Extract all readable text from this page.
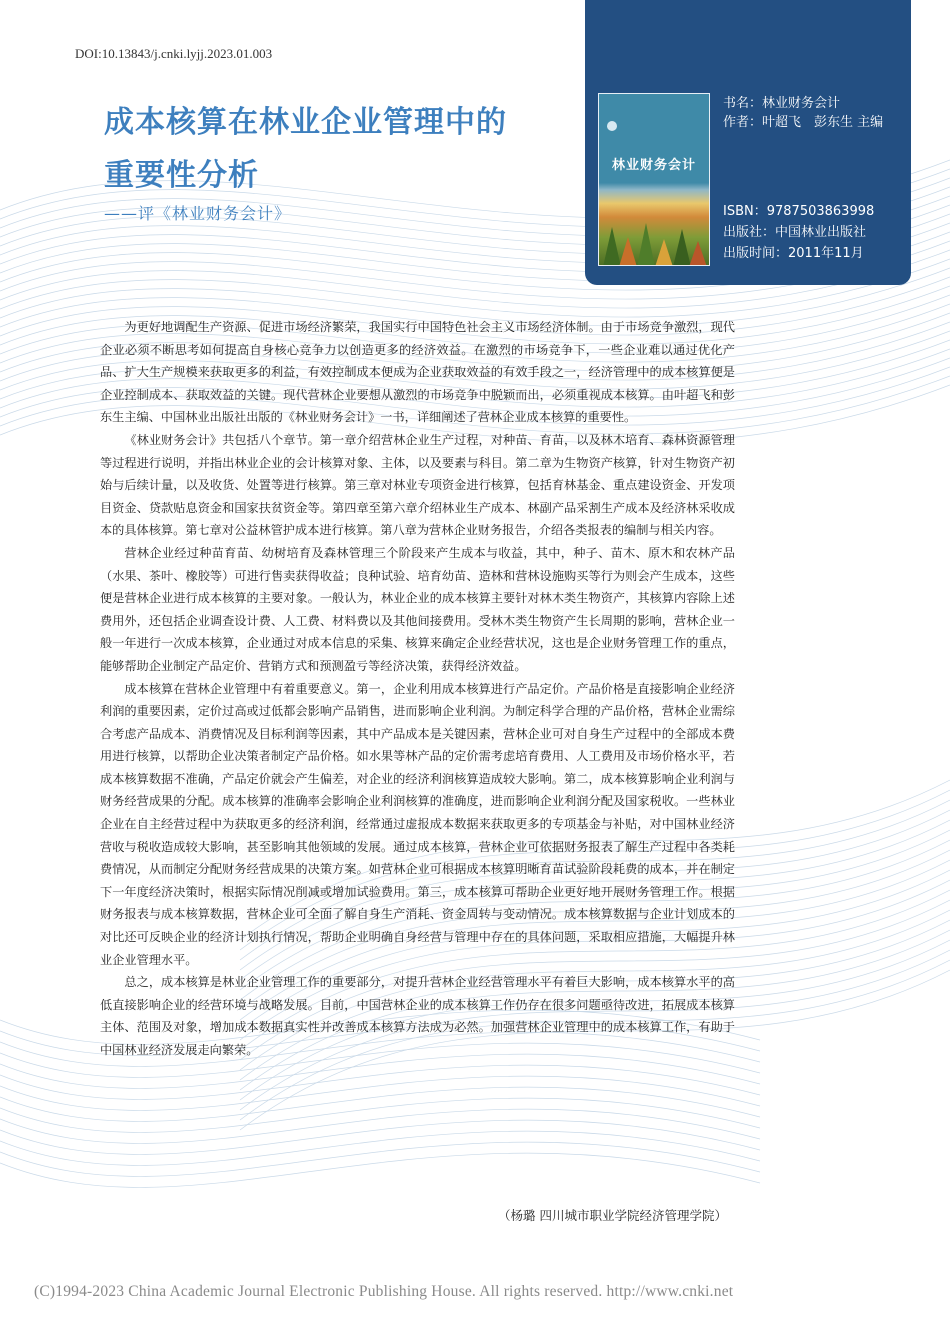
DOI:10.13843/j.cnki.lyjj.2023.01.003
成本核算在林业企业管理中的重要性分析
——评《林业财务会计》
林业财务会计
书名：林业财务会计
作者：叶超飞　彭东生 主编
ISBN：9787503863998
出版社：中国林业出版社
出版时间：2011年11月

为更好地调配生产资源、促进市场经济繁荣，我国实行中国特色社会主义市场经济体制。由于市场竞争激烈，现代企业必须不断思考如何提高自身核心竞争力以创造更多的经济效益。在激烈的市场竞争下，一些企业难以通过优化产品、扩大生产规模来获取更多的利益，有效控制成本便成为企业获取效益的有效手段之一，经济管理中的成本核算便是企业控制成本、获取效益的关键。现代营林企业要想从激烈的市场竞争中脱颖而出，必须重视成本核算。由叶超飞和彭东生主编、中国林业出版社出版的《林业财务会计》一书，详细阐述了营林企业成本核算的重要性。

《林业财务会计》共包括八个章节。第一章介绍营林企业生产过程，对种苗、育苗，以及林木培育、森林资源管理等过程进行说明，并指出林业企业的会计核算对象、主体，以及要素与科目。第二章为生物资产核算，针对生物资产初始与后续计量，以及收货、处置等进行核算。第三章对林业专项资金进行核算，包括育林基金、重点建设资金、开发项目资金、贷款贴息资金和国家扶贫资金等。第四章至第六章介绍林业生产成本、林副产品采割生产成本及经济林采收成本的具体核算。第七章对公益林管护成本进行核算。第八章为营林企业财务报告，介绍各类报表的编制与相关内容。

营林企业经过种苗育苗、幼树培育及森林管理三个阶段来产生成本与收益，其中，种子、苗木、原木和农林产品（水果、茶叶、橡胶等）可进行售卖获得收益；良种试验、培育幼苗、造林和营林设施购买等行为则会产生成本，这些便是营林企业进行成本核算的主要对象。一般认为，林业企业的成本核算主要针对林木类生物资产，其核算内容除上述费用外，还包括企业调查设计费、人工费、材料费以及其他间接费用。受林木类生物资产生长周期的影响，营林企业一般一年进行一次成本核算，企业通过对成本信息的采集、核算来确定企业经营状况，这也是企业财务管理工作的重点，能够帮助企业制定产品定价、营销方式和预测盈亏等经济决策，获得经济效益。

成本核算在营林企业管理中有着重要意义。第一，企业利用成本核算进行产品定价。产品价格是直接影响企业经济利润的重要因素，定价过高或过低都会影响产品销售，进而影响企业利润。为制定科学合理的产品价格，营林企业需综合考虑产品成本、消费情况及目标利润等因素，其中产品成本是关键因素，营林企业可对自身生产过程中的全部成本费用进行核算，以帮助企业决策者制定产品价格。如水果等林产品的定价需考虑培育费用、人工费用及市场价格水平，若成本核算数据不准确，产品定价就会产生偏差，对企业的经济利润核算造成较大影响。第二，成本核算影响企业利润与财务经营成果的分配。成本核算的准确率会影响企业利润核算的准确度，进而影响企业利润分配及国家税收。一些林业企业在自主经营过程中为获取更多的经济利润，经常通过虚报成本数据来获取更多的专项基金与补贴，对中国林业经济营收与税收造成较大影响，甚至影响其他领域的发展。通过成本核算，营林企业可依据财务报表了解生产过程中各类耗费情况，从而制定分配财务经营成果的决策方案。如营林企业可根据成本核算明晰育苗试验阶段耗费的成本，并在制定下一年度经济决策时，根据实际情况削减或增加试验费用。第三，成本核算可帮助企业更好地开展财务管理工作。根据财务报表与成本核算数据，营林企业可全面了解自身生产消耗、资金周转与变动情况。成本核算数据与企业计划成本的对比还可反映企业的经济计划执行情况，帮助企业明确自身经营与管理中存在的具体问题，采取相应措施，大幅提升林业企业管理水平。

总之，成本核算是林业企业管理工作的重要部分，对提升营林企业经营管理水平有着巨大影响，成本核算水平的高低直接影响企业的经营环境与战略发展。目前，中国营林企业的成本核算工作仍存在很多问题亟待改进，拓展成本核算主体、范围及对象，增加成本数据真实性并改善成本核算方法成为必然。加强营林企业管理中的成本核算工作，有助于中国林业经济发展走向繁荣。

（杨璐 四川城市职业学院经济管理学院）
(C)1994-2023 China Academic Journal Electronic Publishing House. All rights reserved. http://www.cnki.net
